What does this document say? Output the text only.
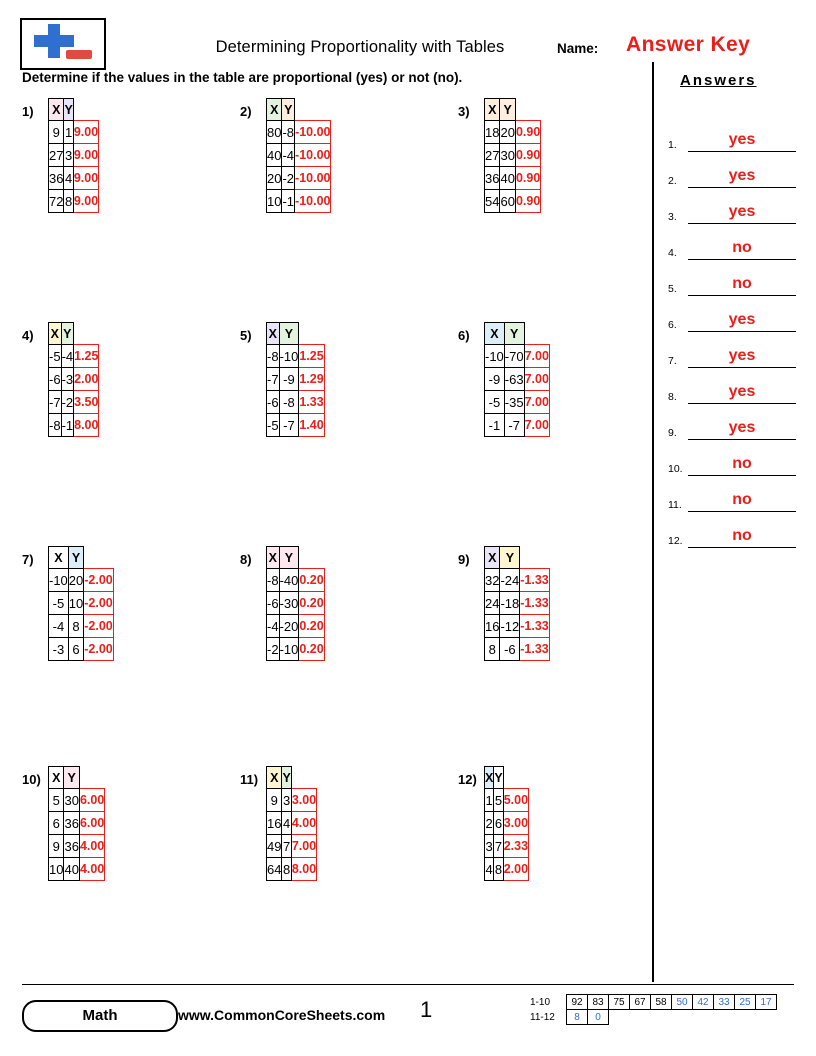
Determining Proportionality with Tables	Name: Answer Key
Determine if the values in the table are proportional (yes) or not (no).	Answers
1.	yes
2.	yes
3.	yes
4.	no
5.	no
6.	yes
7.	yes
8.	yes
9.	yes
10.	no
11.	no
12.	no
1) X	Y	
9	1	9.00
27	3	9.00
36	4	9.00
72	8	9.00
2) X	Y	
80	-8	-10.00
40	-4	-10.00
20	-2	-10.00
10	-1	-10.00
3) X	Y	
18	20	0.90
27	30	0.90
36	40	0.90
54	60	0.90
4) X	Y	
-5	-4	1.25
-6	-3	2.00
-7	-2	3.50
-8	-1	8.00
5) X	Y	
-8	-10	1.25
-7	-9	1.29
-6	-8	1.33
-5	-7	1.40
6) X	Y	
-10	-70	7.00
-9	-63	7.00
-5	-35	7.00
-1	-7	7.00
7) X	Y	
-10	20	-2.00
-5	10	-2.00
-4	8	-2.00
-3	6	-2.00
8) X	Y	
-8	-40	0.20
-6	-30	0.20
-4	-20	0.20
-2	-10	0.20
9) X	Y	
32	-24	-1.33
24	-18	-1.33
16	-12	-1.33
8	-6	-1.33
10) X	Y	
5	30	6.00
6	36	6.00
9	36	4.00
10	40	4.00
11) X	Y	
9	3	3.00
16	4	4.00
49	7	7.00
64	8	8.00
12) X	Y	
1	5	5.00
2	6	3.00
3	7	2.33
4	8	2.00
Math	www.CommonCoreSheets.com 1	1-10	92	83	75	67	58	50	42	33	25	17
11-12	8	0								
